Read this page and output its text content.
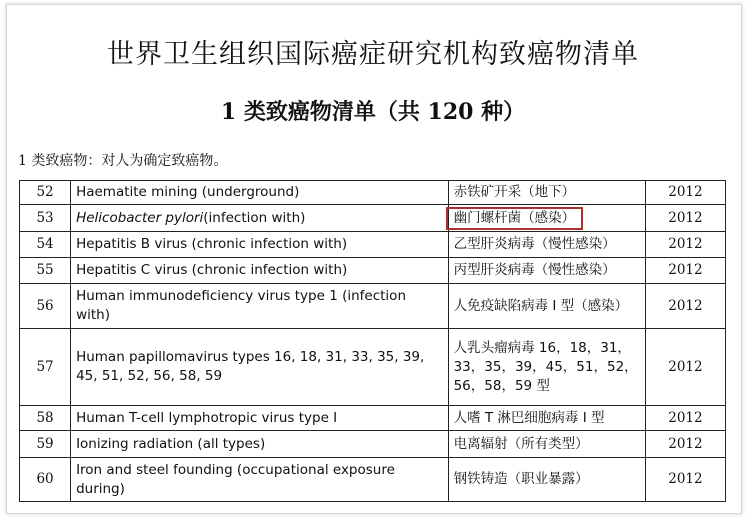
世界卫生组织国际癌症研究机构致癌物清单
1 类致癌物清单（共 120 种）
1 类致癌物：对人为确定致癌物。
52	Haematite mining (underground)	赤铁矿开采（地下）	2012
53	Helicobacter pylori(infection with)	幽门螺杆菌（感染）	2012
54	Hepatitis B virus (chronic infection with)	乙型肝炎病毒（慢性感染）	2012
55	Hepatitis C virus (chronic infection with)	丙型肝炎病毒（慢性感染）	2012
56	Human immunodeficiency virus type 1 (infection with)	人免疫缺陷病毒 I 型（感染）	2012
57	Human papillomavirus types 16, 18, 31, 33, 35, 39, 45, 51, 52, 56, 58, 59	人乳头瘤病毒 16，18，31，33，35，39，45，51，52，56，58，59 型	2012
58	Human T-cell lymphotropic virus type I	人嗜 T 淋巴细胞病毒 I 型	2012
59	Ionizing radiation (all types)	电离辐射（所有类型）	2012
60	Iron and steel founding (occupational exposure during)	钢铁铸造（职业暴露）	2012
